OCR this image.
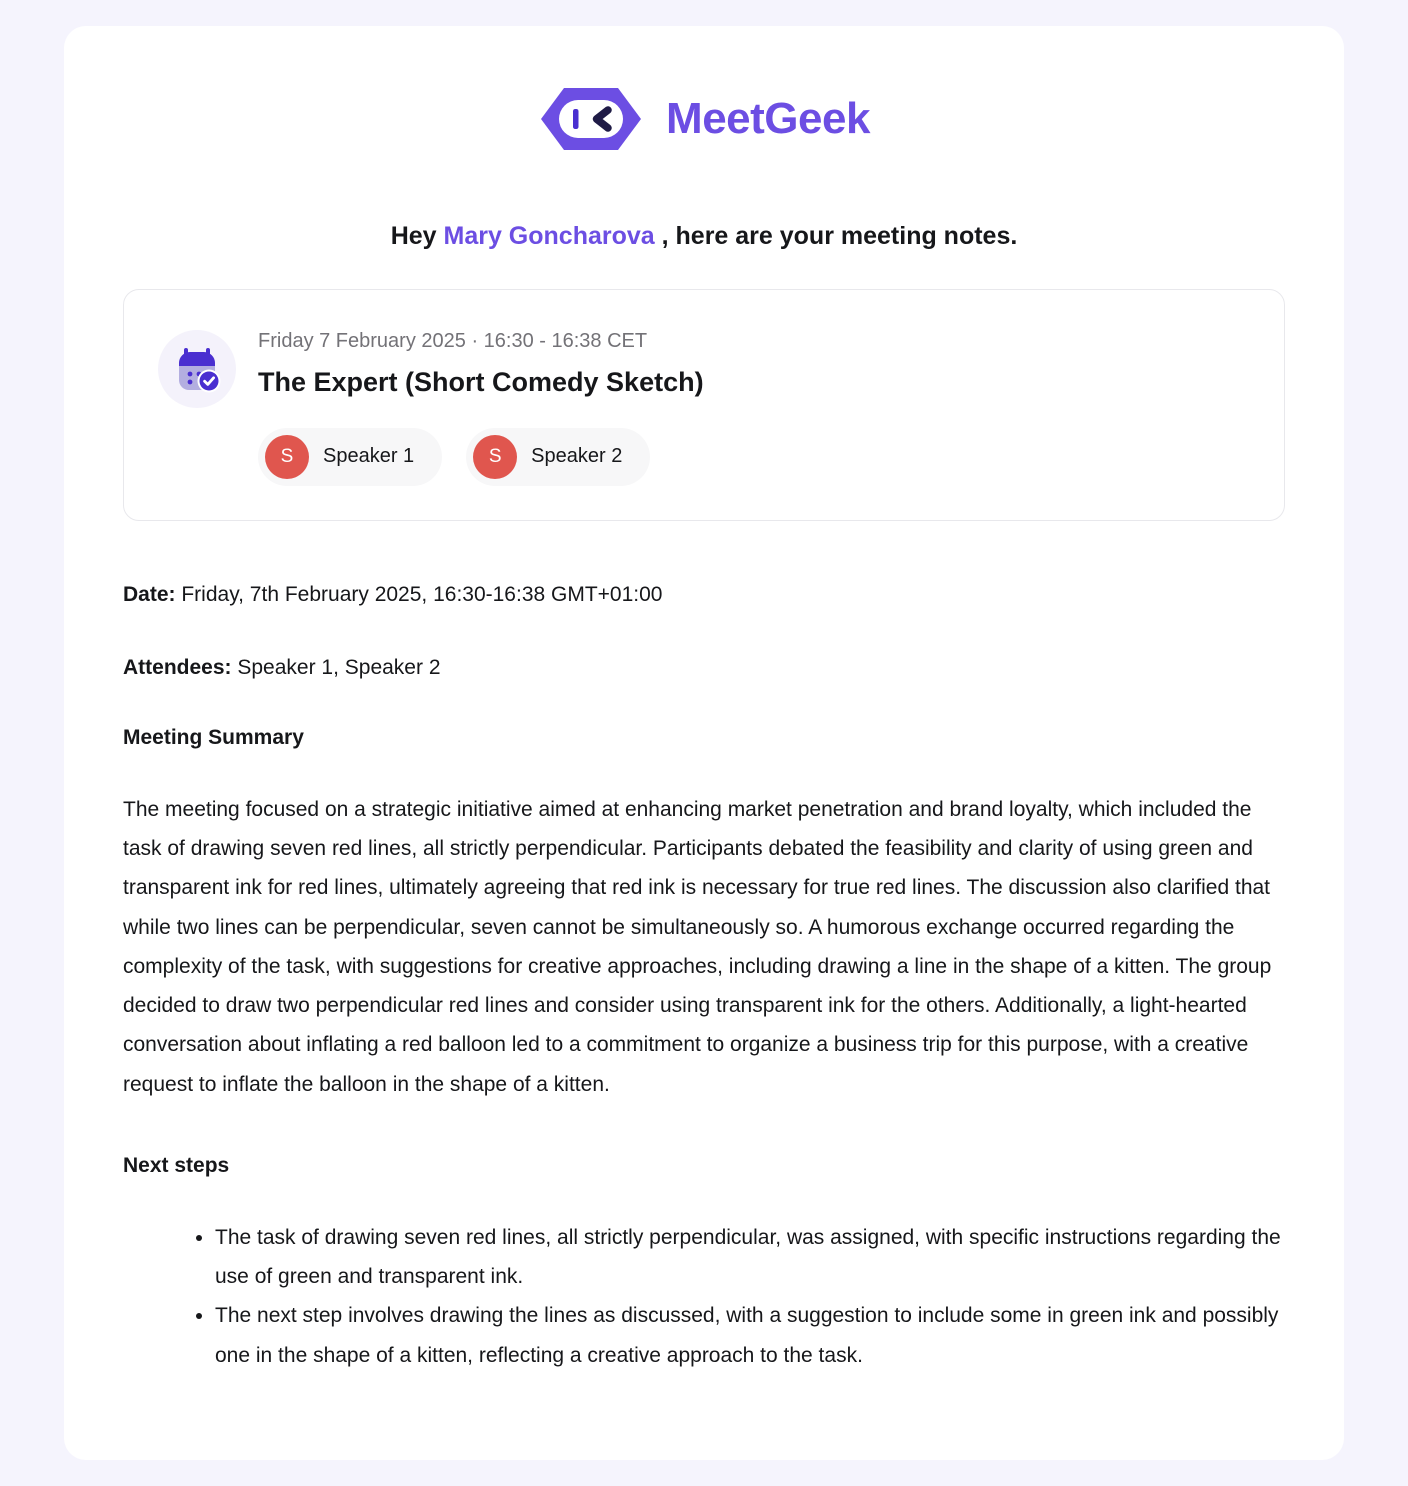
MeetGeek
Hey Mary Goncharova , here are your meeting notes.
Friday 7 February 2025 · 16:30 - 16:38 CET
The Expert (Short Comedy Sketch)
S	Speaker 1	S	Speaker 2
Date: Friday, 7th February 2025, 16:30-16:38 GMT+01:00
Attendees: Speaker 1, Speaker 2
Meeting Summary

The meeting focused on a strategic initiative aimed at enhancing market penetration and brand loyalty, which included the task of drawing seven red lines, all strictly perpendicular. Participants debated the feasibility and clarity of using green and transparent ink for red lines, ultimately agreeing that red ink is necessary for true red lines. The discussion also clarified that while two lines can be perpendicular, seven cannot be simultaneously so. A humorous exchange occurred regarding the complexity of the task, with suggestions for creative approaches, including drawing a line in the shape of a kitten. The group decided to draw two perpendicular red lines and consider using transparent ink for the others. Additionally, a light-hearted conversation about inflating a red balloon led to a commitment to organize a business trip for this purpose, with a creative request to inflate the balloon in the shape of a kitten.

Next steps
• The task of drawing seven red lines, all strictly perpendicular, was assigned, with specific instructions regarding the use of green and transparent ink.
• The next step involves drawing the lines as discussed, with a suggestion to include some in green ink and possibly one in the shape of a kitten, reflecting a creative approach to the task.
